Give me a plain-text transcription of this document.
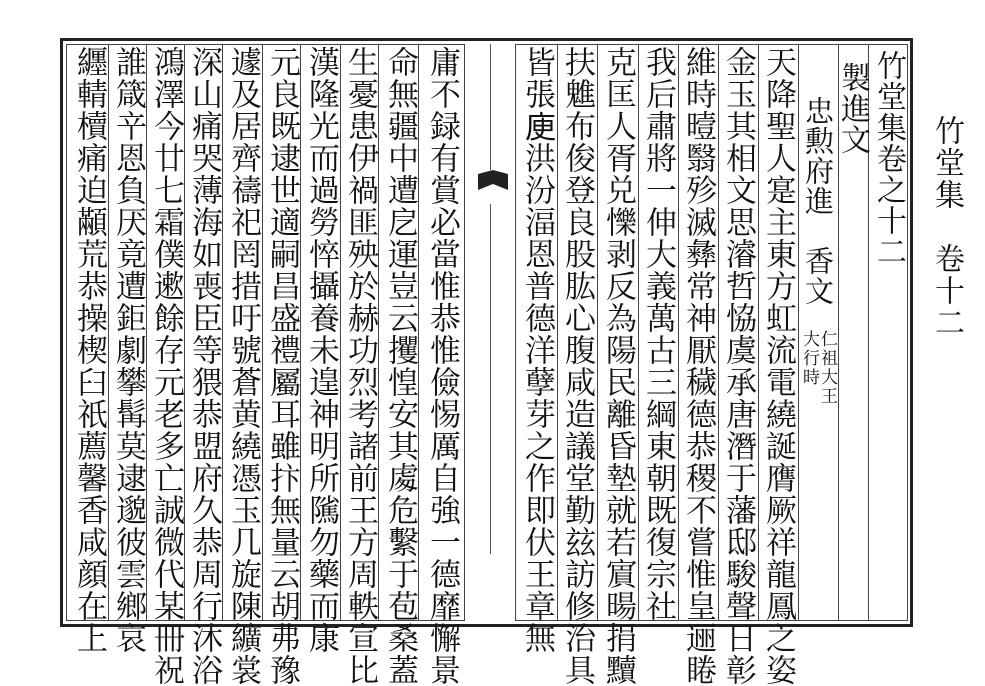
竹堂集　卷十二
竹堂集卷之十二
製進文
忠勲府進　香文
仁祖大王
大行時
天降聖人寔主東方虹流電繞誕膺厥祥龍鳳之姿
金玉其相文思濬哲恊虞承唐潛于藩邸駿聲日彰
維時曀翳殄滅彝常神厭穢德恭稷不嘗惟皇逦睠
我后肅將一伸大義萬古三綱東朝既復宗社
克匡人胥兑㦡剥反為陽民離昏墊就若賔暘捐黷
扶魋布俊登良股肱心腹咸造議堂勤玆訪修治具
皆張𢈔洪汾湢恩普德洋孽芽之作即伏王章無
庸不録有賞必當惟恭惟儉惕厲自強一德靡懈景
命無疆中遭戹運豈云攫惶安其䖏危繫于苞桑蓋
生憂患伊禍匪殃於赫功烈考諸前王方周軼宣比
漢隆光而過勞悴攝養未遑神明所隲勿藥而康
元良既逮世適嗣昌盛禮屬耳雖抃無量云胡弗豫
遽及居齊禱祀罔措吁號蒼黄繞憑玉几旋陳纊裳
深山痛哭薄海如喪臣等猥恭盟府久恭周行沐浴
鴻澤今廿七霜僕遬餘存元老多亡誠微代某冊祝
誰箴䇂恩負厌竟遭鉅劇攀髯莫逮邈彼雲鄉哀
纒輤櫝痛迫顢荒恭操楔臼祇薦馨香咸顔在上
